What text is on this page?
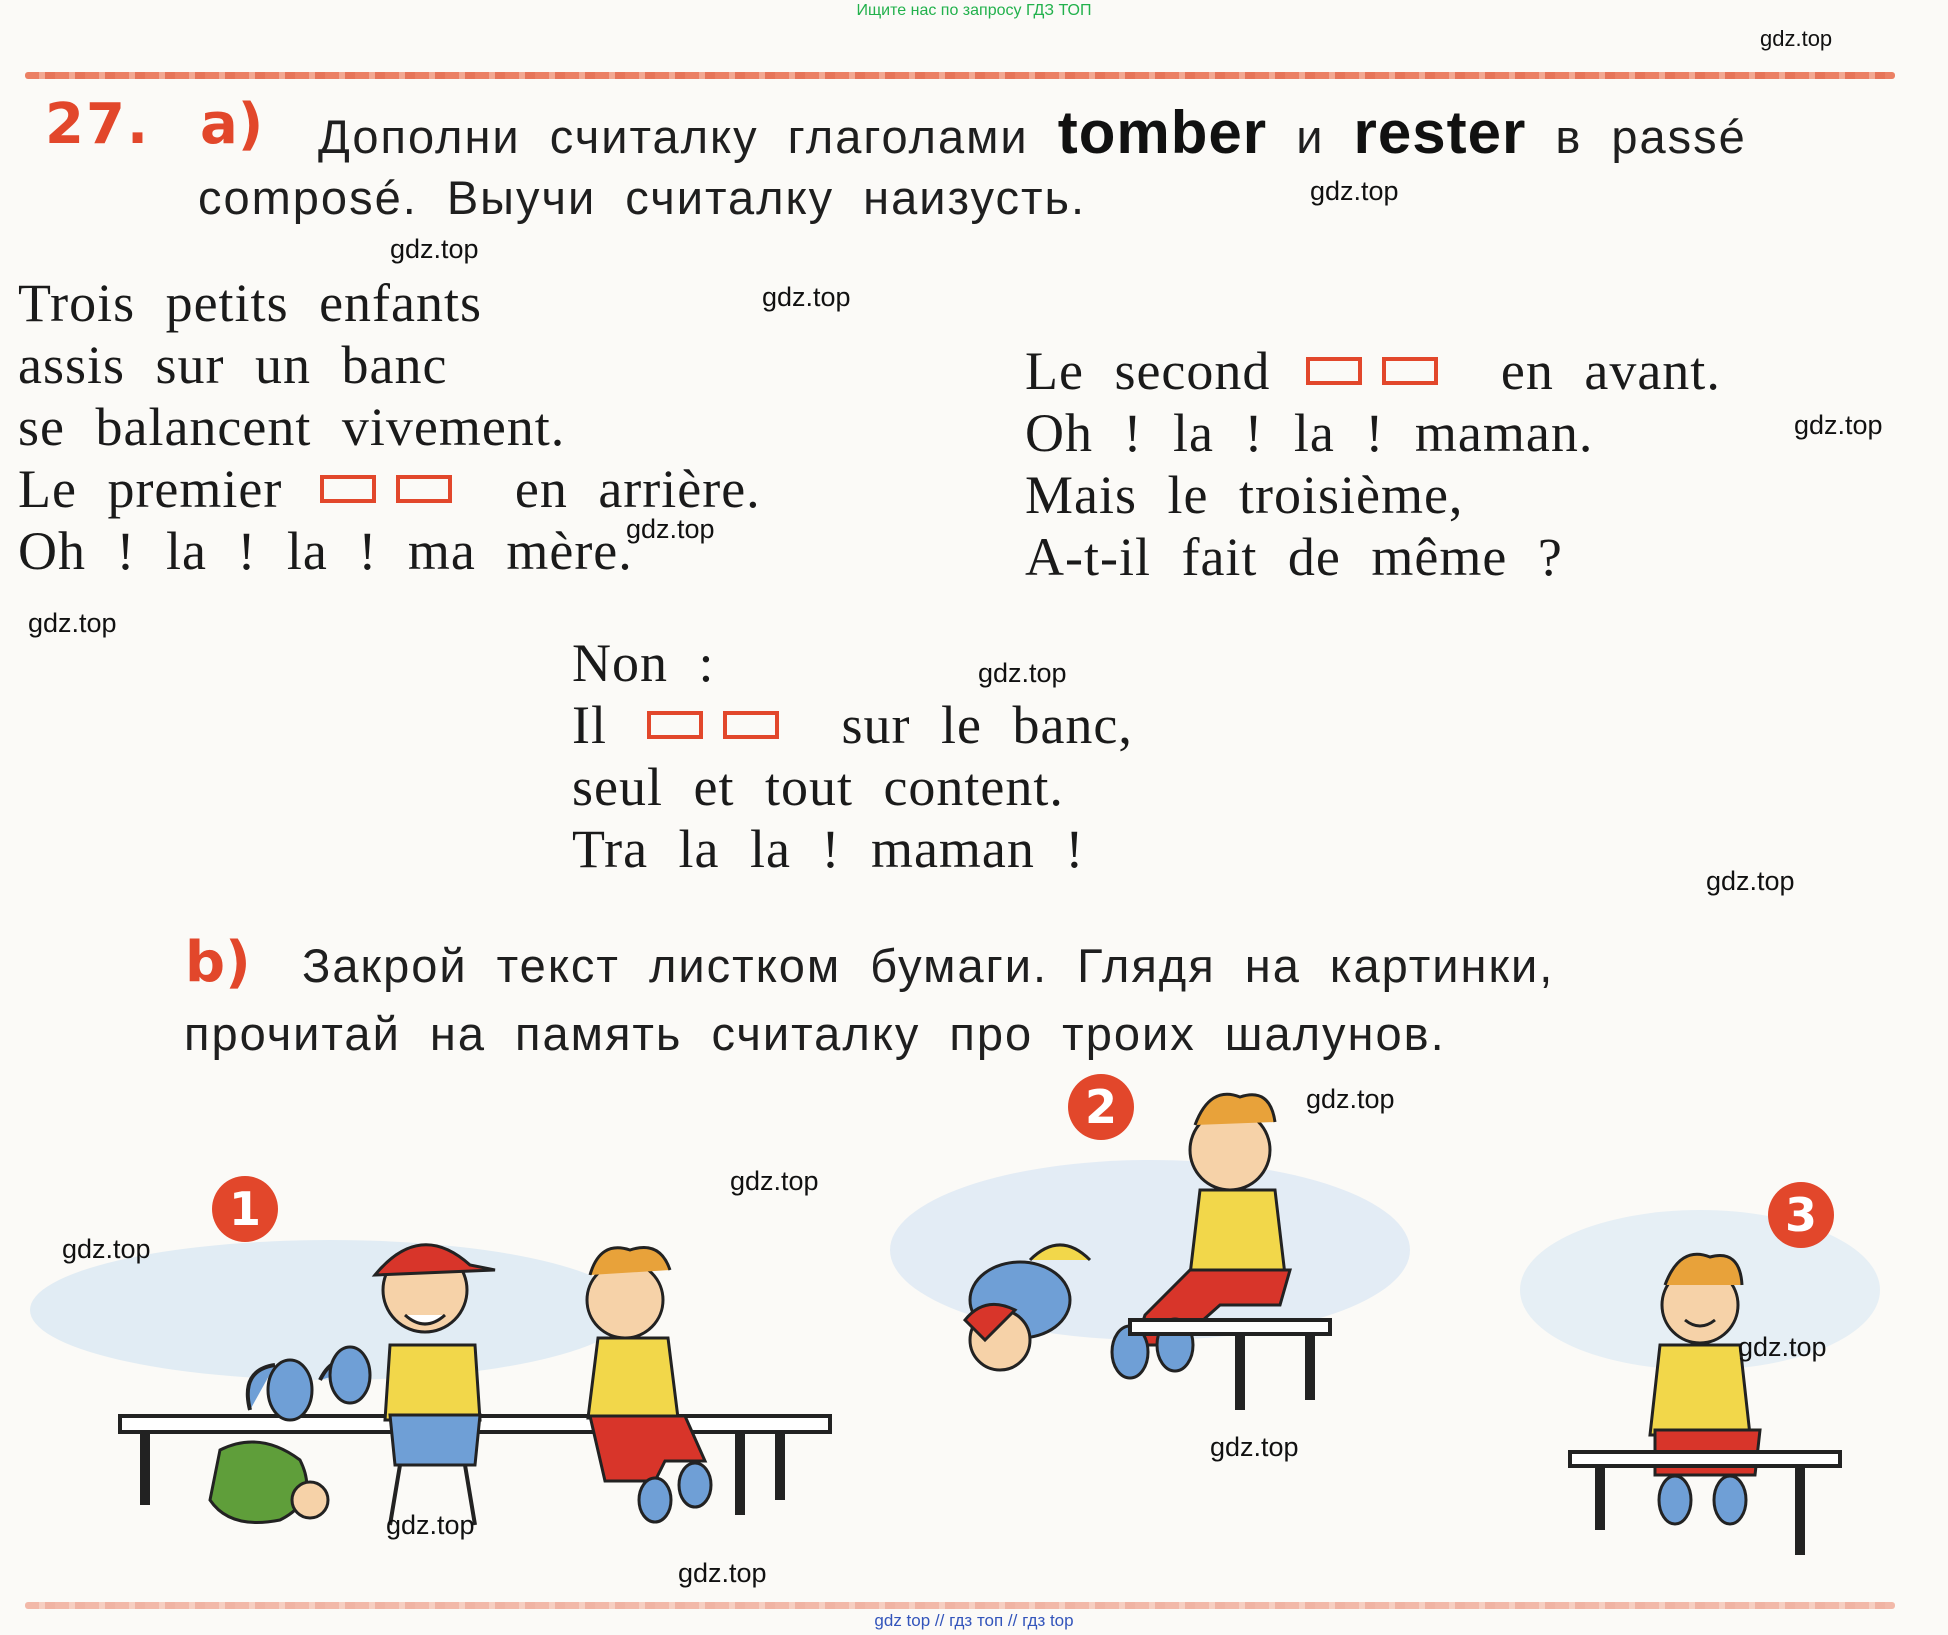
Ищите нас по запросу ГДЗ ТОП
gdz top // гдз топ // гдз top
27. a) Дополни считалку глаголами tomber и rester в passé
composé. Выучи считалку наизусть.
Trois petits enfants
assis sur un banc
se balancent vivement.
Le premier	en arrière.
Oh ! la ! la ! ma mère.
Le second	en avant.
Oh ! la ! la ! maman.
Mais le troisième,
A-t-il fait de même ?
Non :
Il	sur le banc,
seul et tout content.
Tra la la ! maman !
b) Закрой текст листком бумаги. Глядя на картинки,
прочитай на память считалку про троих шалунов.
1
2
3
gdz.top
gdz.top
gdz.top
gdz.top
gdz.top
gdz.top
gdz.top
gdz.top
gdz.top
gdz.top
gdz.top
gdz.top
gdz.top
gdz.top
gdz.top
gdz.top
